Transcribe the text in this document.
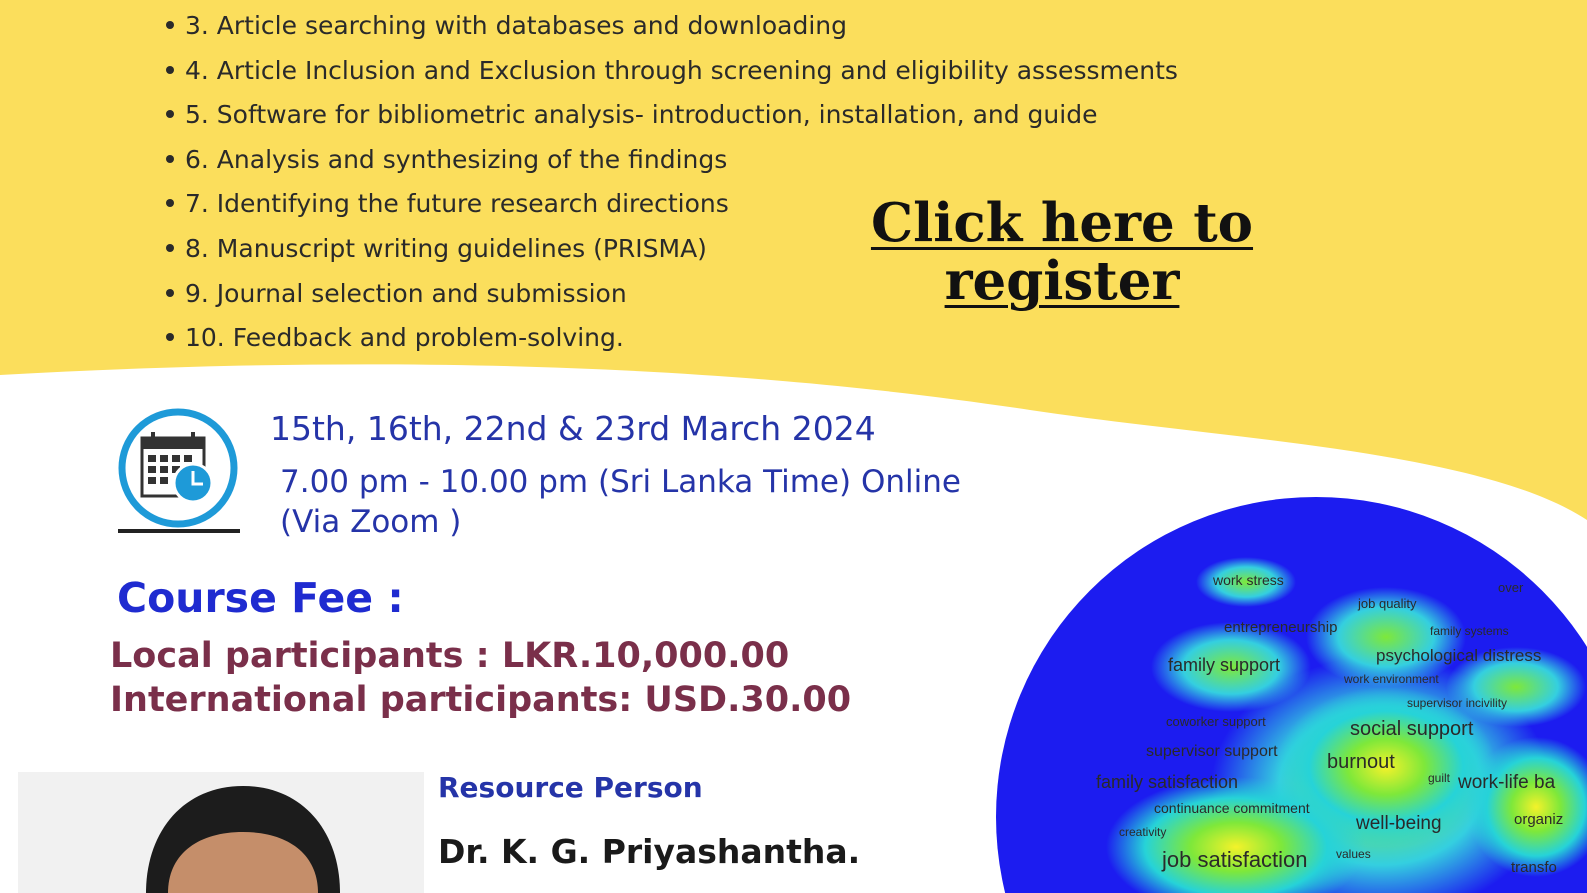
3. Article searching with databases and downloading
4. Article Inclusion and Exclusion through screening and eligibility assessments
5. Software for bibliometric analysis- introduction, installation, and guide
6. Analysis and synthesizing of the findings
7. Identifying the future research directions
8. Manuscript writing guidelines (PRISMA)
9. Journal selection and submission
10. Feedback and problem-solving.
Click here to
register
15th, 16th, 22nd & 23rd March 2024
7.00 pm - 10.00 pm (Sri Lanka Time) Online
(Via Zoom )
Course Fee :
Local participants : LKR.10,000.00
International participants: USD.30.00
Resource Person
Dr. K. G. Priyashantha.
work stress
job quality
over
entrepreneurship	family systems
family support	psychological distress
work environment
supervisor incivility
coworker support	social support
supervisor support burnout
family satisfaction	guilt work-life ba
continuance commitment
well-being	organiz
creativity
job satisfaction values
transfo
